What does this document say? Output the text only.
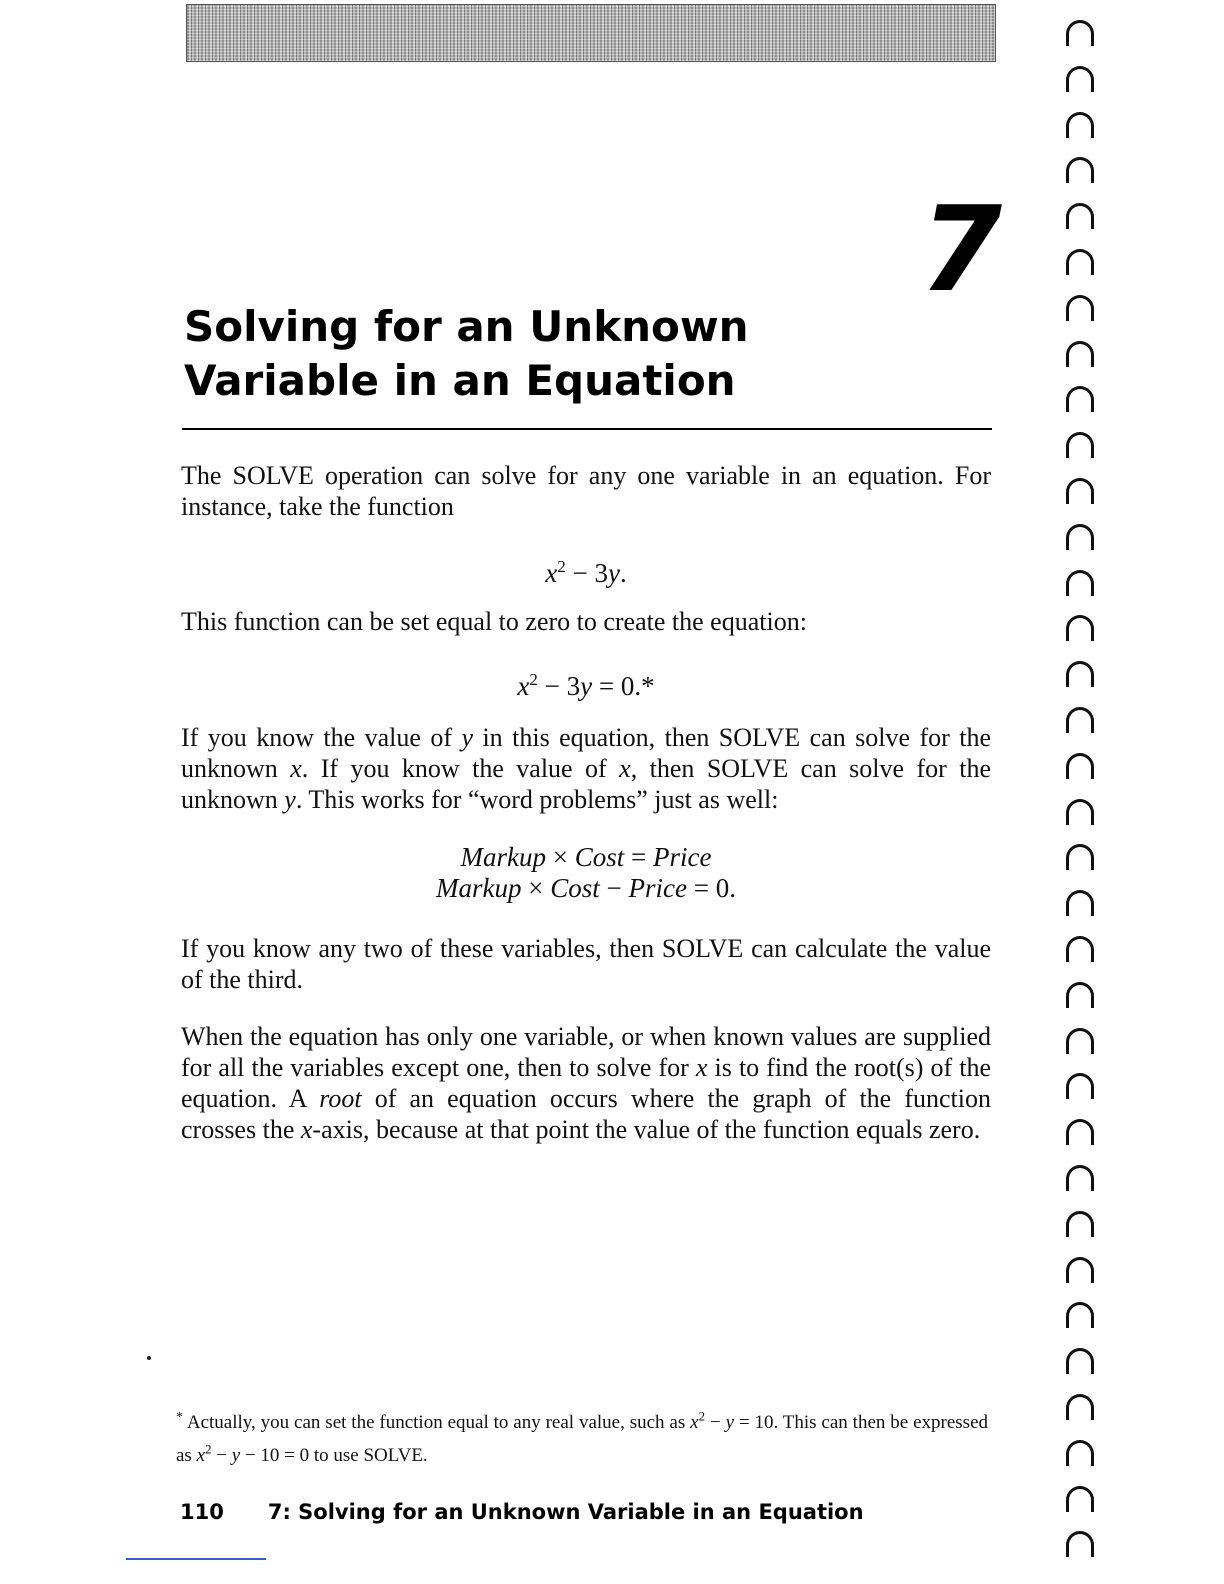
7
Solving for an Unknown
Variable in an Equation

The SOLVE operation can solve for any one variable in an equation. For instance, take the function

$x^2 - 3y$.

This function can be set equal to zero to create the equation:

$x^2 - 3y = 0.*$

If you know the value of y in this equation, then SOLVE can solve for the unknown x. If you know the value of x, then SOLVE can solve for the unknown y. This works for “word problems” just as well:

Markup × Cost = Price

Markup × Cost − Price = 0.

If you know any two of these variables, then SOLVE can calculate the value of the third.

When the equation has only one variable, or when known values are supplied for all the variables except one, then to solve for x is to find the root(s) of the equation. A root of an equation occurs where the graph of the function crosses the x-axis, because at that point the value of the function equals zero.

* Actually, you can set the function equal to any real value, such as $x^2 - y = 10$. This can then be expressed as $x^2 - y - 10 = 0$ to use SOLVE.

110 7: Solving for an Unknown Variable in an Equation
